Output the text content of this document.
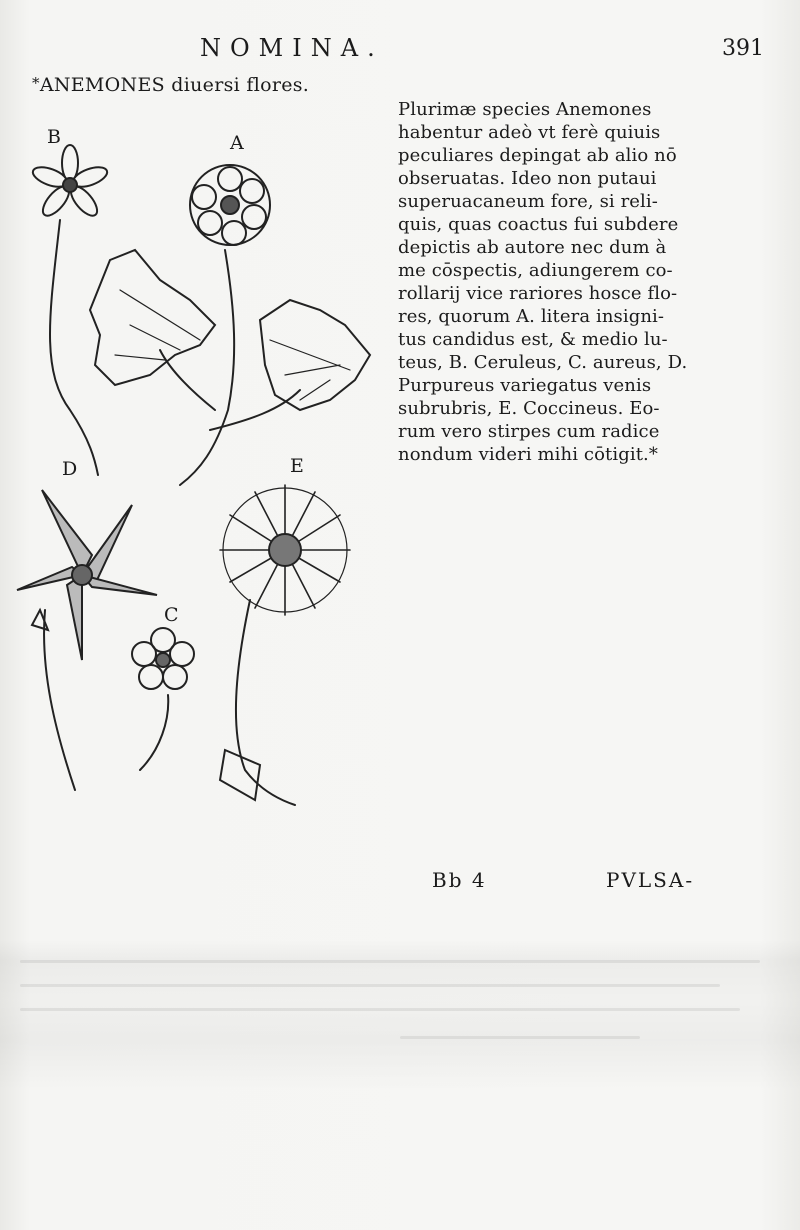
NOMINA.	391
*ANEMONES diuersi flores.
A
B
C
D	E
Plurimæ species Anemones
habentur adeò vt ferè quiuis
peculiares depingat ab alio nō
obseruatas. Ideo non putaui
superuacaneum fore, si reli-
quis, quas coactus fui subdere
depictis ab autore nec dum à
me cōspectis, adiungerem co-
rollarij vice rariores hosce flo-
res, quorum A. litera insigni-
tus candidus est, & medio lu-
teus, B. Ceruleus, C. aureus, D.
Purpureus variegatus venis
subrubris, E. Coccineus. Eo-
rum vero stirpes cum radice
nondum videri mihi cōtigit.*
Bb 4	PVLSA-
